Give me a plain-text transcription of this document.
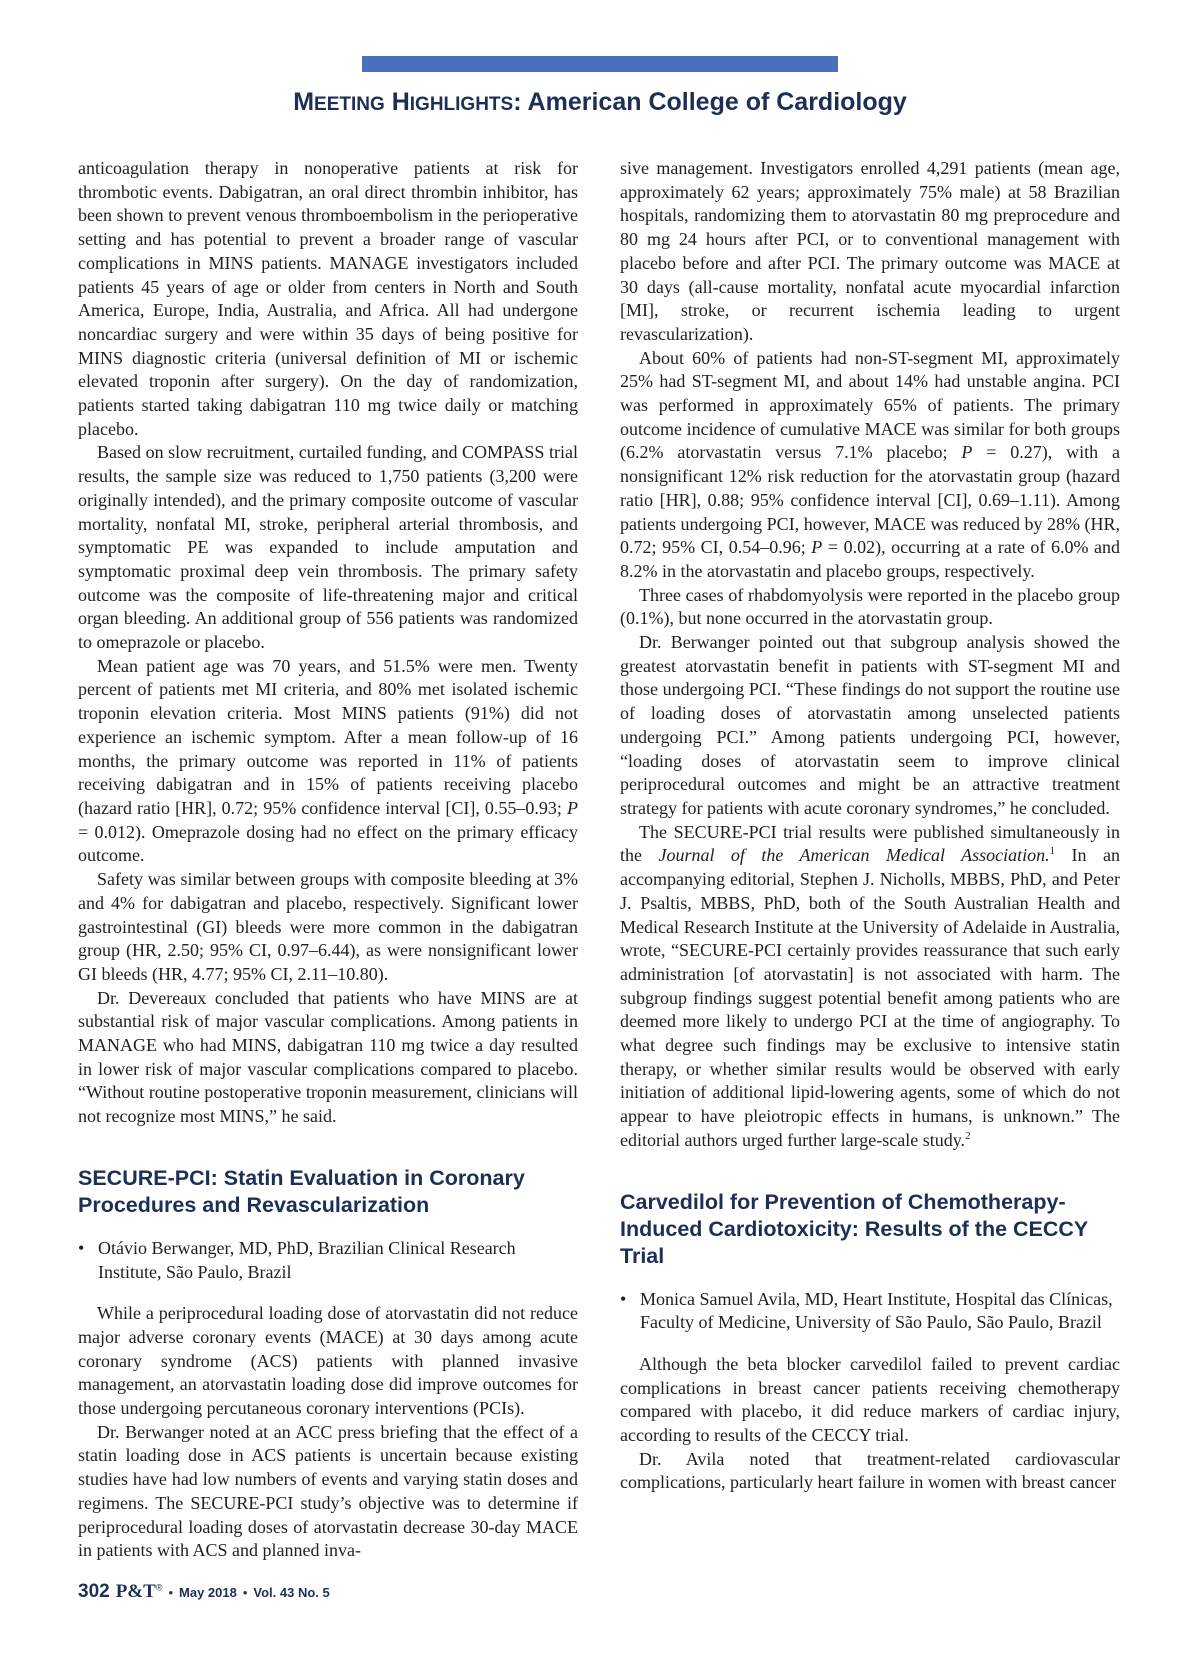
MEETING HIGHLIGHTS: American College of Cardiology

anticoagulation therapy in nonoperative patients at risk for thrombotic events. Dabigatran, an oral direct thrombin inhibitor, has been shown to prevent venous thromboembolism in the perioperative setting and has potential to prevent a broader range of vascular complications in MINS patients. MANAGE investigators included patients 45 years of age or older from centers in North and South America, Europe, India, Australia, and Africa. All had undergone noncardiac surgery and were within 35 days of being positive for MINS diagnostic criteria (universal definition of MI or ischemic elevated troponin after surgery). On the day of randomization, patients started taking dabigatran 110 mg twice daily or matching placebo.

Based on slow recruitment, curtailed funding, and COMPASS trial results, the sample size was reduced to 1,750 patients (3,200 were originally intended), and the primary composite outcome of vascular mortality, nonfatal MI, stroke, peripheral arterial thrombosis, and symptomatic PE was expanded to include amputation and symptomatic proximal deep vein thrombosis. The primary safety outcome was the composite of life-threatening major and critical organ bleeding. An additional group of 556 patients was randomized to omeprazole or placebo.

Mean patient age was 70 years, and 51.5% were men. Twenty percent of patients met MI criteria, and 80% met isolated ischemic troponin elevation criteria. Most MINS patients (91%) did not experience an ischemic symptom. After a mean follow-up of 16 months, the primary outcome was reported in 11% of patients receiving dabigatran and in 15% of patients receiving placebo (hazard ratio [HR], 0.72; 95% confidence interval [CI], 0.55–0.93; P = 0.012). Omeprazole dosing had no effect on the primary efficacy outcome.

Safety was similar between groups with composite bleeding at 3% and 4% for dabigatran and placebo, respectively. Significant lower gastrointestinal (GI) bleeds were more common in the dabigatran group (HR, 2.50; 95% CI, 0.97–6.44), as were nonsignificant lower GI bleeds (HR, 4.77; 95% CI, 2.11–10.80).

Dr. Devereaux concluded that patients who have MINS are at substantial risk of major vascular complications. Among patients in MANAGE who had MINS, dabigatran 110 mg twice a day resulted in lower risk of major vascular complications compared to placebo. “Without routine postoperative troponin measurement, clinicians will not recognize most MINS,” he said.

SECURE-PCI: Statin Evaluation in Coronary Procedures and Revascularization

• Otávio Berwanger, MD, PhD, Brazilian Clinical Research Institute, São Paulo, Brazil

While a periprocedural loading dose of atorvastatin did not reduce major adverse coronary events (MACE) at 30 days among acute coronary syndrome (ACS) patients with planned invasive management, an atorvastatin loading dose did improve outcomes for those undergoing percutaneous coronary interventions (PCIs).

Dr. Berwanger noted at an ACC press briefing that the effect of a statin loading dose in ACS patients is uncertain because existing studies have had low numbers of events and varying statin doses and regimens. The SECURE-PCI study’s objective was to determine if periprocedural loading doses of atorvastatin decrease 30-day MACE in patients with ACS and planned inva-

sive management. Investigators enrolled 4,291 patients (mean age, approximately 62 years; approximately 75% male) at 58 Brazilian hospitals, randomizing them to atorvastatin 80 mg preprocedure and 80 mg 24 hours after PCI, or to conventional management with placebo before and after PCI. The primary outcome was MACE at 30 days (all-cause mortality, nonfatal acute myocardial infarction [MI], stroke, or recurrent ischemia leading to urgent revascularization).

About 60% of patients had non-ST-segment MI, approximately 25% had ST-segment MI, and about 14% had unstable angina. PCI was performed in approximately 65% of patients. The primary outcome incidence of cumulative MACE was similar for both groups (6.2% atorvastatin versus 7.1% placebo; P = 0.27), with a nonsignificant 12% risk reduction for the atorvastatin group (hazard ratio [HR], 0.88; 95% confidence interval [CI], 0.69–1.11). Among patients undergoing PCI, however, MACE was reduced by 28% (HR, 0.72; 95% CI, 0.54–0.96; P = 0.02), occurring at a rate of 6.0% and 8.2% in the atorvastatin and placebo groups, respectively.

Three cases of rhabdomyolysis were reported in the placebo group (0.1%), but none occurred in the atorvastatin group.

Dr. Berwanger pointed out that subgroup analysis showed the greatest atorvastatin benefit in patients with ST-segment MI and those undergoing PCI. “These findings do not support the routine use of loading doses of atorvastatin among unselected patients undergoing PCI.” Among patients undergoing PCI, however, “loading doses of atorvastatin seem to improve clinical periprocedural outcomes and might be an attractive treatment strategy for patients with acute coronary syndromes,” he concluded.

The SECURE-PCI trial results were published simultaneously in the Journal of the American Medical Association.$^1$ In an accompanying editorial, Stephen J. Nicholls, MBBS, PhD, and Peter J. Psaltis, MBBS, PhD, both of the South Australian Health and Medical Research Institute at the University of Adelaide in Australia, wrote, “SECURE-PCI certainly provides reassurance that such early administration [of atorvastatin] is not associated with harm. The subgroup findings suggest potential benefit among patients who are deemed more likely to undergo PCI at the time of angiography. To what degree such findings may be exclusive to intensive statin therapy, or whether similar results would be observed with early initiation of additional lipid-lowering agents, some of which do not appear to have pleiotropic effects in humans, is unknown.” The editorial authors urged further large-scale study.$^2$

Carvedilol for Prevention of Chemotherapy-Induced Cardiotoxicity: Results of the CECCY Trial

• Monica Samuel Avila, MD, Heart Institute, Hospital das Clínicas, Faculty of Medicine, University of São Paulo, São Paulo, Brazil

Although the beta blocker carvedilol failed to prevent cardiac complications in breast cancer patients receiving chemotherapy compared with placebo, it did reduce markers of cardiac injury, according to results of the CECCY trial.

Dr. Avila noted that treatment-related cardiovascular complications, particularly heart failure in women with breast cancer

302 P&T® • May 2018 • Vol. 43 No. 5
